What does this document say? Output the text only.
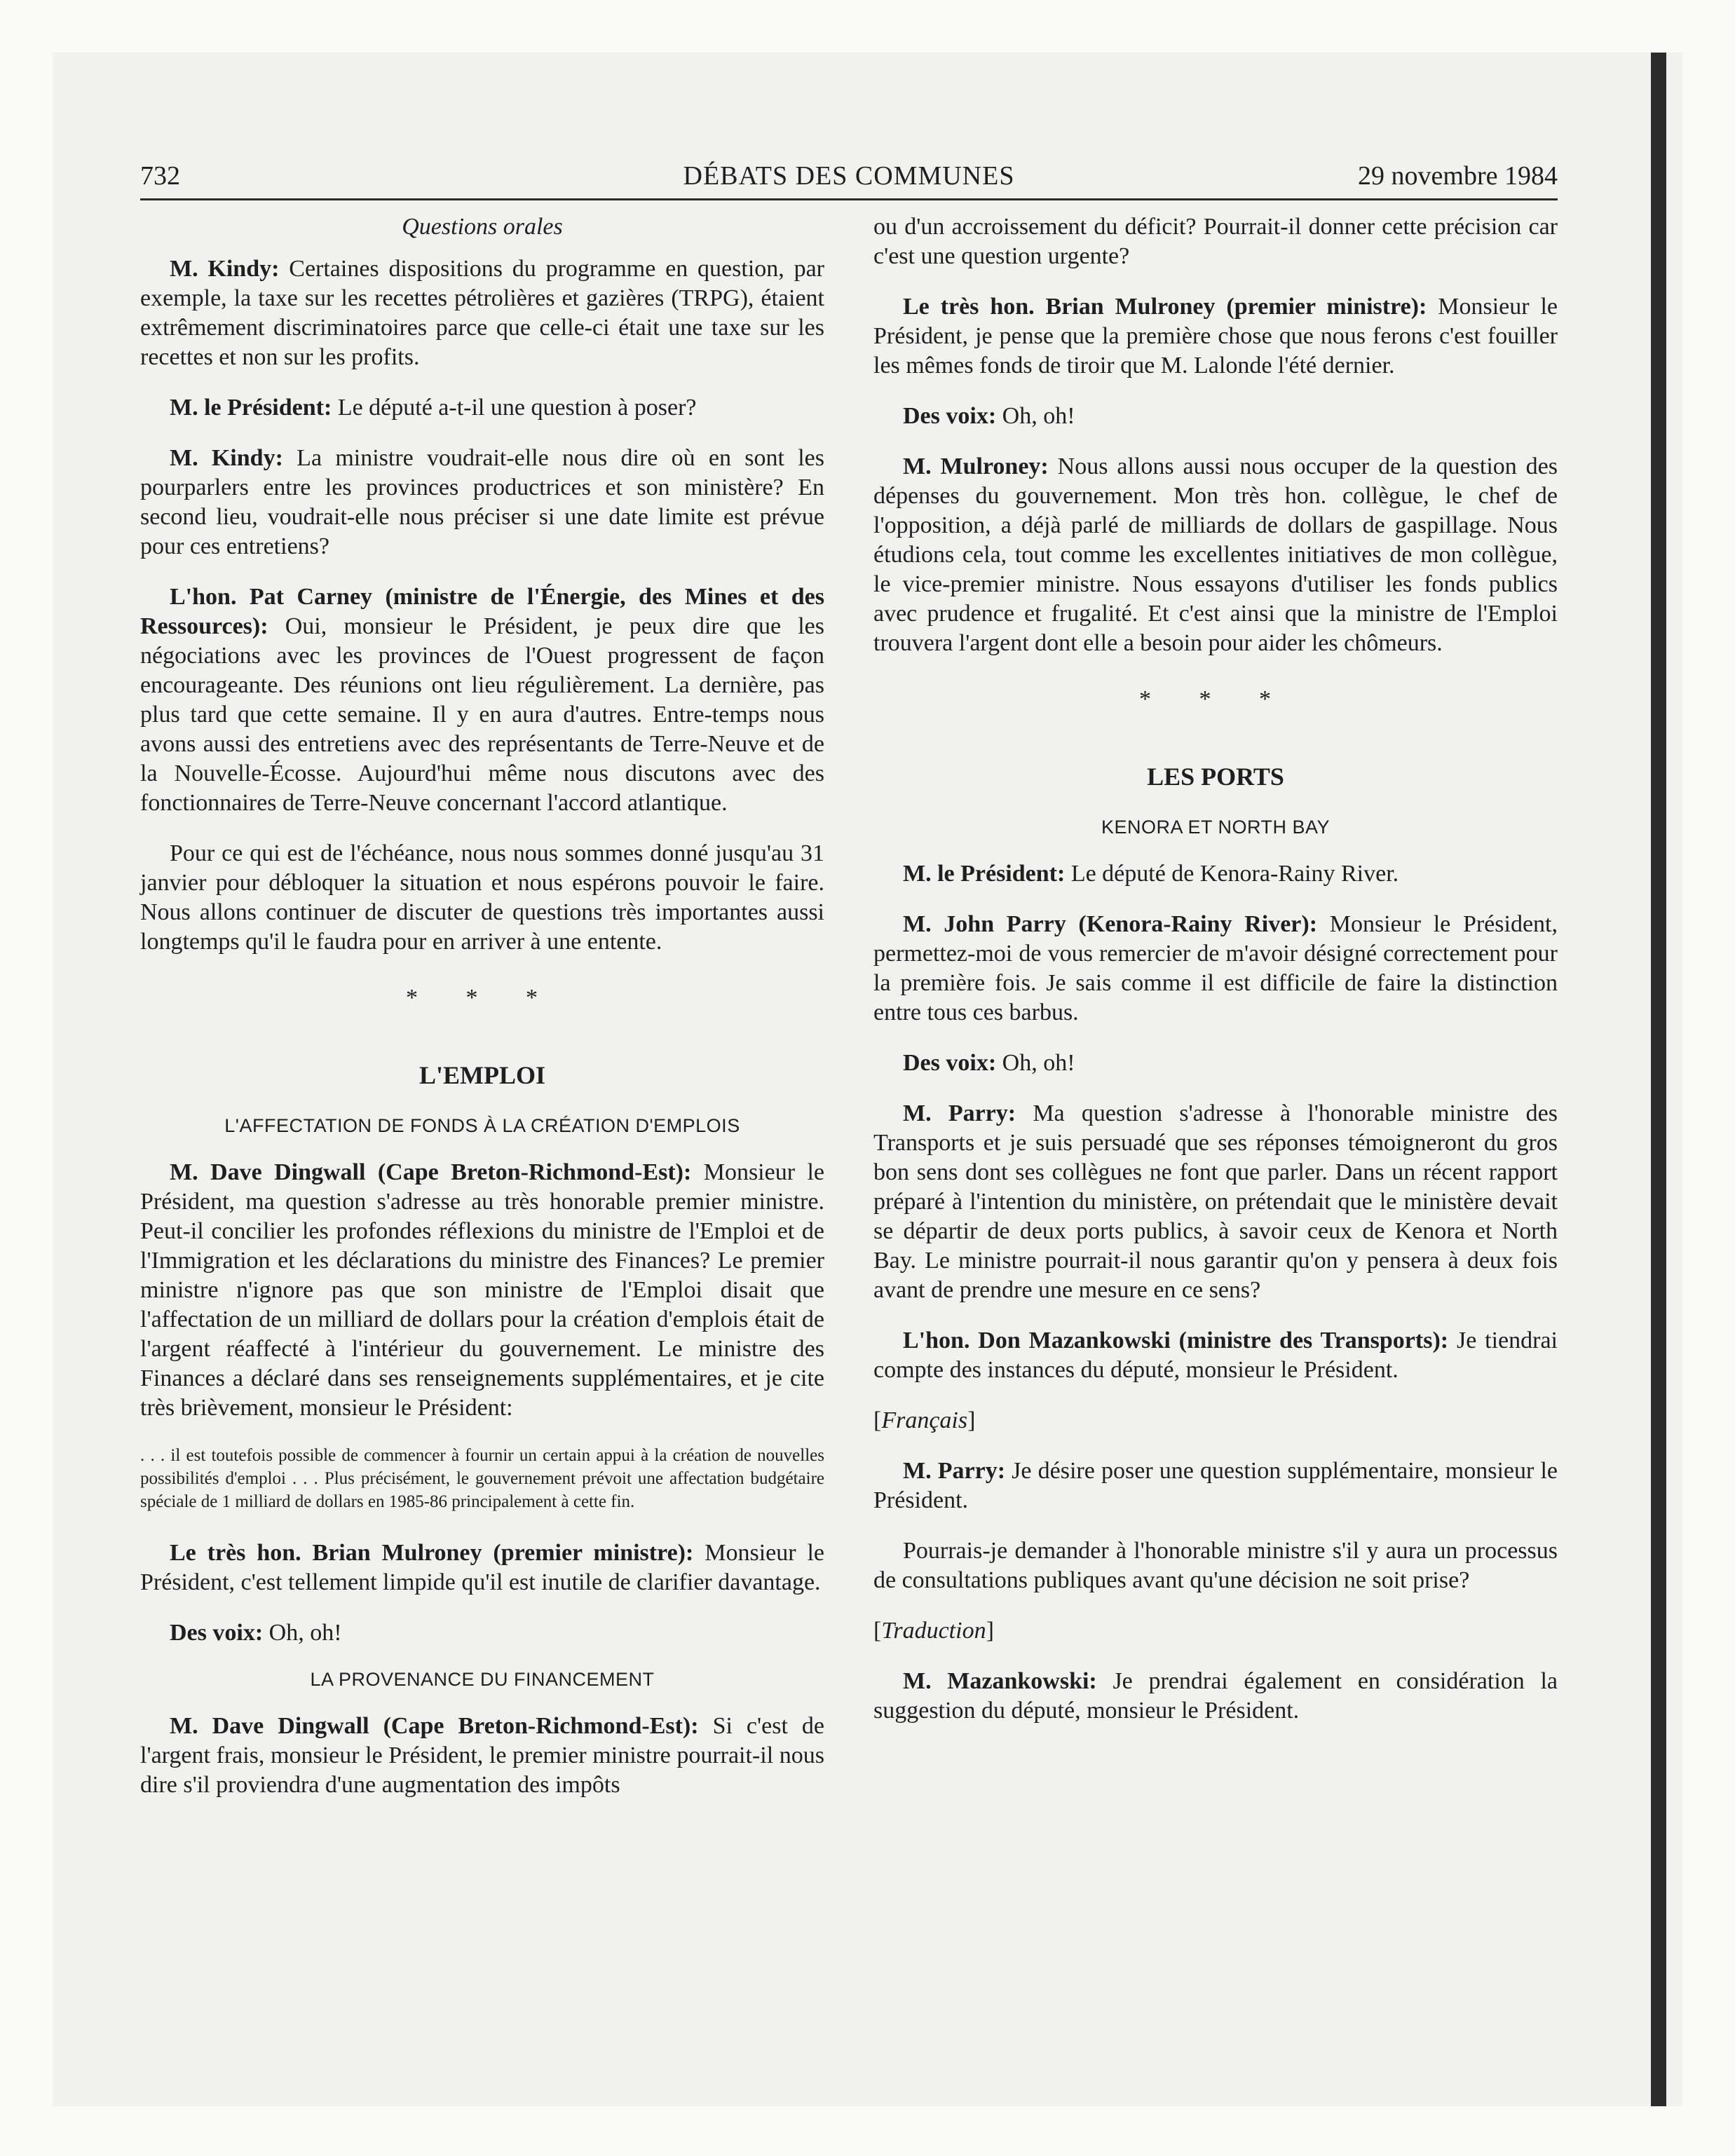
732	DÉBATS DES COMMUNES	29 novembre 1984
Questions orales

M. Kindy: Certaines dispositions du programme en question, par exemple, la taxe sur les recettes pétrolières et gazières (TRPG), étaient extrêmement discriminatoires parce que celle-ci était une taxe sur les recettes et non sur les profits.

M. le Président: Le député a-t-il une question à poser?

M. Kindy: La ministre voudrait-elle nous dire où en sont les pourparlers entre les provinces productrices et son ministère? En second lieu, voudrait-elle nous préciser si une date limite est prévue pour ces entretiens?

L'hon. Pat Carney (ministre de l'Énergie, des Mines et des Ressources): Oui, monsieur le Président, je peux dire que les négociations avec les provinces de l'Ouest progressent de façon encourageante. Des réunions ont lieu régulièrement. La dernière, pas plus tard que cette semaine. Il y en aura d'autres. Entre-temps nous avons aussi des entretiens avec des représentants de Terre-Neuve et de la Nouvelle-Écosse. Aujourd'hui même nous discutons avec des fonctionnaires de Terre-Neuve concernant l'accord atlantique.

Pour ce qui est de l'échéance, nous nous sommes donné jusqu'au 31 janvier pour débloquer la situation et nous espérons pouvoir le faire. Nous allons continuer de discuter de questions très importantes aussi longtemps qu'il le faudra pour en arriver à une entente.

* * *
L'EMPLOI
L'AFFECTATION DE FONDS À LA CRÉATION D'EMPLOIS

M. Dave Dingwall (Cape Breton-Richmond-Est): Monsieur le Président, ma question s'adresse au très honorable premier ministre. Peut-il concilier les profondes réflexions du ministre de l'Emploi et de l'Immigration et les déclarations du ministre des Finances? Le premier ministre n'ignore pas que son ministre de l'Emploi disait que l'affectation de un milliard de dollars pour la création d'emplois était de l'argent réaffecté à l'intérieur du gouvernement. Le ministre des Finances a déclaré dans ses renseignements supplémentaires, et je cite très brièvement, monsieur le Président:

. . . il est toutefois possible de commencer à fournir un certain appui à la création de nouvelles possibilités d'emploi . . . Plus précisément, le gouvernement prévoit une affectation budgétaire spéciale de 1 milliard de dollars en 1985-86 principalement à cette fin.

Le très hon. Brian Mulroney (premier ministre): Monsieur le Président, c'est tellement limpide qu'il est inutile de clarifier davantage.

Des voix: Oh, oh!

LA PROVENANCE DU FINANCEMENT

M. Dave Dingwall (Cape Breton-Richmond-Est): Si c'est de l'argent frais, monsieur le Président, le premier ministre pourrait-il nous dire s'il proviendra d'une augmentation des impôts

ou d'un accroissement du déficit? Pourrait-il donner cette précision car c'est une question urgente?

Le très hon. Brian Mulroney (premier ministre): Monsieur le Président, je pense que la première chose que nous ferons c'est fouiller les mêmes fonds de tiroir que M. Lalonde l'été dernier.

Des voix: Oh, oh!

M. Mulroney: Nous allons aussi nous occuper de la question des dépenses du gouvernement. Mon très hon. collègue, le chef de l'opposition, a déjà parlé de milliards de dollars de gaspillage. Nous étudions cela, tout comme les excellentes initiatives de mon collègue, le vice-premier ministre. Nous essayons d'utiliser les fonds publics avec prudence et frugalité. Et c'est ainsi que la ministre de l'Emploi trouvera l'argent dont elle a besoin pour aider les chômeurs.

* * *
LES PORTS
KENORA ET NORTH BAY

M. le Président: Le député de Kenora-Rainy River.

M. John Parry (Kenora-Rainy River): Monsieur le Président, permettez-moi de vous remercier de m'avoir désigné correctement pour la première fois. Je sais comme il est difficile de faire la distinction entre tous ces barbus.

Des voix: Oh, oh!

M. Parry: Ma question s'adresse à l'honorable ministre des Transports et je suis persuadé que ses réponses témoigneront du gros bon sens dont ses collègues ne font que parler. Dans un récent rapport préparé à l'intention du ministère, on prétendait que le ministère devait se départir de deux ports publics, à savoir ceux de Kenora et North Bay. Le ministre pourrait-il nous garantir qu'on y pensera à deux fois avant de prendre une mesure en ce sens?

L'hon. Don Mazankowski (ministre des Transports): Je tiendrai compte des instances du député, monsieur le Président.

[Français]

M. Parry: Je désire poser une question supplémentaire, monsieur le Président.

Pourrais-je demander à l'honorable ministre s'il y aura un processus de consultations publiques avant qu'une décision ne soit prise?

[Traduction]

M. Mazankowski: Je prendrai également en considération la suggestion du député, monsieur le Président.
